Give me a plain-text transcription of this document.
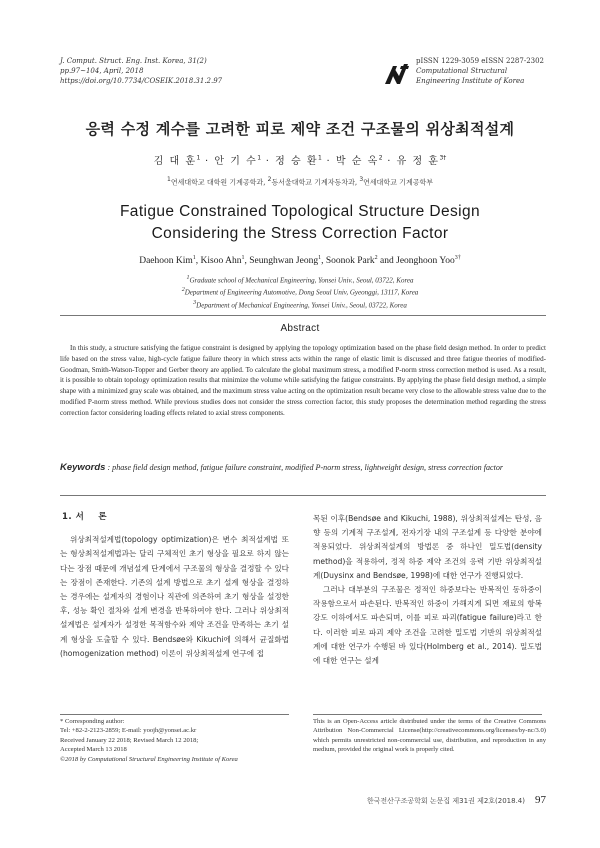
J. Comput. Struct. Eng. Inst. Korea, 31(2)
pp.97~104, April, 2018
https://doi.org/10.7734/COSEIK.2018.31.2.97
pISSN 1229-3059 eISSN 2287-2302
Computational Structural
Engineering Institute of Korea
응력 수정 계수를 고려한 피로 제약 조건 구조물의 위상최적설계
김 대 훈$^1$ · 안 기 수$^1$ · 정 승 환$^1$ · 박 순 옥$^2$ · 유 정 훈$^{3\dagger}$
$^1$연세대학교 대학원 기계공학과, $^2$동서울대학교 기계자동차과, $^3$연세대학교 기계공학부
Fatigue Constrained Topological Structure Design
Considering the Stress Correction Factor
Daehoon Kim$^1$, Kisoo Ahn$^1$, Seunghwan Jeong$^1$, Soonok Park$^2$ and Jeonghoon Yoo$^{3\dagger}$
$^1$Graduate school of Mechanical Engineering, Yonsei Univ., Seoul, 03722, Korea
$^2$Department of Engineering Automotive, Dong Seoul Univ, Gyeonggi, 13117, Korea
$^3$Department of Mechanical Engineering, Yonsei Univ., Seoul, 03722, Korea
Abstract
In this study, a structure satisfying the fatigue constraint is designed by applying the topology optimization based on the phase field design method. In order to predict life based on the stress value, high-cycle fatigue failure theory in which stress acts within the range of elastic limit is discussed and three fatigue theories of modified-Goodman, Smith-Watson-Topper and Gerber theory are applied. To calculate the global maximum stress, a modified P-norm stress correction method is used. As a result, it is possible to obtain topology optimization results that minimize the volume while satisfying the fatigue constraints. By applying the phase field design method, a simple shape with a minimized gray scale was obtained, and the maximum stress value acting on the optimization result became very close to the allowable stress value due to the modified P-norm stress method. While previous studies does not consider the stress correction factor, this study proposes the determination method regarding the stress correction factor considering loading effects related to axial stress components.
Keywords : phase field design method, fatigue failure constraint, modified P-norm stress, lightweight design, stress correction factor
1. 서 론

위상최적설계법(topology optimization)은 변수 최적설계법 또는 형상최적설계법과는 달리 구체적인 초기 형상을 필요로 하지 않는다는 장점 때문에 개념설계 단계에서 구조물의 형상을 결정할 수 있다는 장점이 존재한다. 기존의 설계 방법으로 초기 설계 형상을 결정하는 경우에는 설계자의 경험이나 직관에 의존하여 초기 형상을 설정한 후, 성능 확인 절차와 설계 변경을 반복하여야 한다. 그러나 위상최적설계법은 설계자가 설정한 목적함수와 제약 조건을 만족하는 초기 설계 형상을 도출할 수 있다. Bendsøe와 Kikuchi에 의해서 균질화법(homogenization method) 이론이 위상최적설계 연구에 접

목된 이후(Bendsøe and Kikuchi, 1988), 위상최적설계는 탄성, 음향 등의 기계적 구조설계, 전자기장 내의 구조설계 등 다양한 분야에 적용되었다. 위상최적설계의 방법론 중 하나인 밀도법(density method)을 적용하여, 정적 하중 제약 조건의 응력 기반 위상최적설계(Duysinx and Bendsøe, 1998)에 대한 연구가 진행되었다.

그러나 대부분의 구조물은 정적인 하중보다는 반복적인 동하중이 작용함으로서 파손된다. 반복적인 하중이 가해지게 되면 재료의 항복 강도 이하에서도 파손되며, 이를 피로 파괴(fatigue failure)라고 한다. 이러한 피로 파괴 제약 조건을 고려한 밀도법 기반의 위상최적설계에 대한 연구가 수행된 바 있다(Holmberg et al., 2014). 밀도법에 대한 연구는 설계

* Corresponding author:
Tel: +82-2-2123-2859; E-mail: yoojh@yonsei.ac.kr
Received January 22 2018; Revised March 12 2018;
Accepted March 13 2018
©2018 by Computational Structural Engineering Institute of Korea
This is an Open-Access article distributed under the terms of the Creative Commons Attribution Non-Commercial License(http://creativecommons.org/licenses/by-nc/3.0) which permits unrestricted non-commercial use, distribution, and reproduction in any medium, provided the original work is properly cited.
한국전산구조공학회 논문집 제31권 제2호(2018.4) 97
